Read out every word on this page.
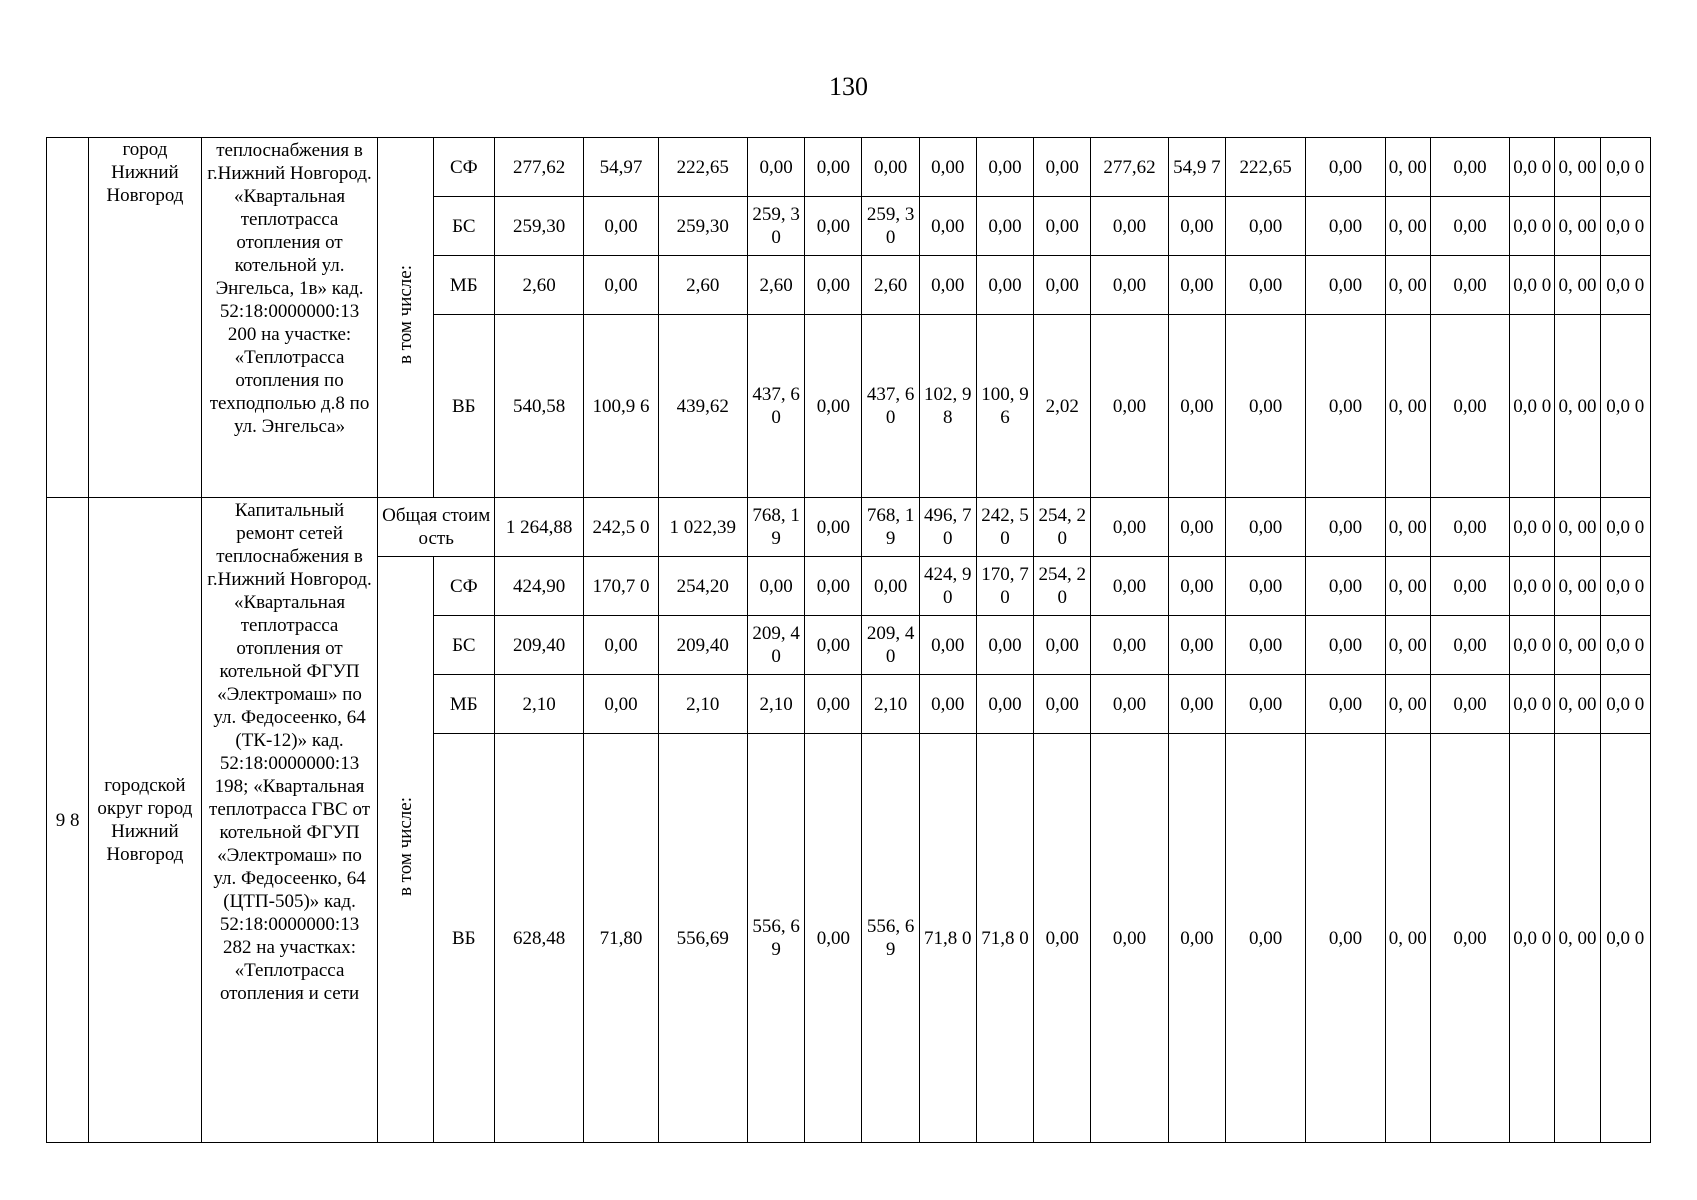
130
	город Нижний Новгород	теплоснабжения в г.Нижний Новгород. «Квартальная теплотрасса отопления от котельной ул. Энгельса, 1в» кад. 52:18:0000000:13 200 на участке: «Теплотрасса отопления по техподполью д.8 по ул. Энгельса»	в том числе:	СФ	277,62	54,97	222,65	0,00	0,00	0,00	0,00	0,00	0,00	277,62	54,9 7	222,65	0,00	0, 00	0,00	0,0 0	0, 00	0,0 0
				БС	259,30	0,00	259,30	259, 30	0,00	259, 30	0,00	0,00	0,00	0,00	0,00	0,00	0,00	0, 00	0,00	0,0 0	0, 00	0,0 0
				МБ	2,60	0,00	2,60	2,60	0,00	2,60	0,00	0,00	0,00	0,00	0,00	0,00	0,00	0, 00	0,00	0,0 0	0, 00	0,0 0
				ВБ	540,58	100,9 6	439,62	437, 60	0,00	437, 60	102, 98	100, 96	2,02	0,00	0,00	0,00	0,00	0, 00	0,00	0,0 0	0, 00	0,0 0
9 8	городской округ город Нижний Новгород	Капитальный ремонт сетей теплоснабжения в г.Нижний Новгород. «Квартальная теплотрасса отопления от котельной ФГУП «Электромаш» по ул. Федосеенко, 64 (ТК-12)» кад. 52:18:0000000:13 198; «Квартальная теплотрасса ГВС от котельной ФГУП «Электромаш» по ул. Федосеенко, 64 (ЦТП-505)» кад. 52:18:0000000:13 282 на участках: «Теплотрасса отопления и сети	Общая стоимость		1 264,88	242,5 0	1 022,39	768, 19	0,00	768, 19	496, 70	242, 50	254, 20	0,00	0,00	0,00	0,00	0, 00	0,00	0,0 0	0, 00	0,0 0
			в том числе:	СФ	424,90	170,7 0	254,20	0,00	0,00	0,00	424, 90	170, 70	254, 20	0,00	0,00	0,00	0,00	0, 00	0,00	0,0 0	0, 00	0,0 0
				БС	209,40	0,00	209,40	209, 40	0,00	209, 40	0,00	0,00	0,00	0,00	0,00	0,00	0,00	0, 00	0,00	0,0 0	0, 00	0,0 0
				МБ	2,10	0,00	2,10	2,10	0,00	2,10	0,00	0,00	0,00	0,00	0,00	0,00	0,00	0, 00	0,00	0,0 0	0, 00	0,0 0
				ВБ	628,48	71,80	556,69	556, 69	0,00	556, 69	71,8 0	71,8 0	0,00	0,00	0,00	0,00	0,00	0, 00	0,00	0,0 0	0, 00	0,0 0
